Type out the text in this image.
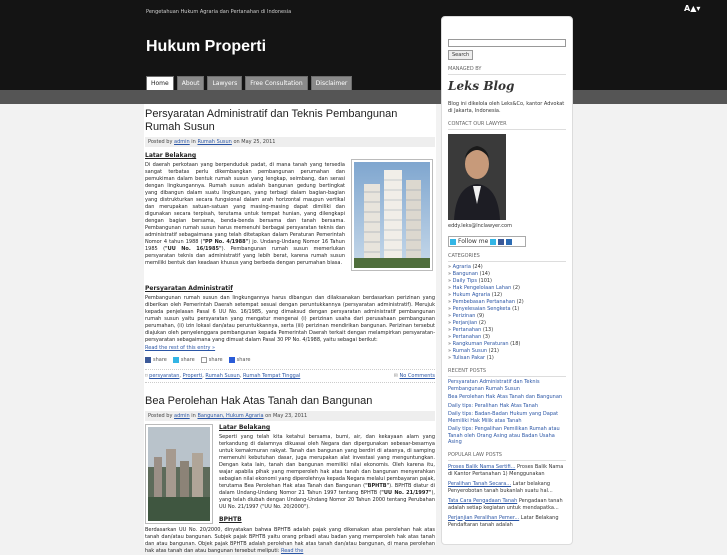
Pengetahuan Hukum Agraria dan Pertanahan di Indonesia	A▲▾
Hukum Properti
Home	About	Lawyers	Free Consultation	Disclaimer
Persyaratan Administratif dan Teknis Pembangunan Rumah Susun
Posted by admin in Rumah Susun on May 25, 2011
Latar Belakang
Di daerah perkotaan yang berpenduduk padat, di mana tanah yang tersedia sangat terbatas perlu dikembangkan pembangunan perumahan dan pemukiman dalam bentuk rumah susun yang lengkap, seimbang, dan serasi dengan lingkungannya. Rumah susun adalah bangunan gedung bertingkat yang dibangun dalam suatu lingkungan, yang terbagi dalam bagian-bagian yang distrukturkan secara fungsional dalam arah horizontal maupun vertikal dan merupakan satuan-satuan yang masing-masing dapat dimiliki dan digunakan secara terpisah, terutama untuk tempat hunian, yang dilengkapi dengan bagian bersama, benda-benda bersama dan tanah bersama. Pembangunan rumah susun harus memenuhi berbagai persyaratan teknis dan administratif sebagaimana yang telah ditetapkan dalam Peraturan Pemerintah Nomor 4 tahun 1988 ("PP No. 4/1988") jo. Undang-Undang Nomor 16 Tahun 1985 ("UU No. 16/1985"). Pembangunan rumah susun memerlukan persyaratan teknis dan administratif yang lebih berat, karena rumah susun memiliki bentuk dan keadaan khusus yang berbeda dengan perumahan biasa.
Persyaratan Administratif
Pembangunan rumah susun dan lingkungannya harus dibangun dan dilaksanakan berdasarkan perizinan yang diberikan oleh Pemerintah Daerah setempat sesuai dengan peruntukkannya (persyaratan administratif). Merujuk kepada penjelasan Pasal 6 UU No. 16/1985, yang dimaksud dengan persyaratan administratif pembangunan rumah susun yaitu persyaratan yang mengatur mengenai (i) perizinan usaha dari perusahaan pembangunan perumahan, (ii) izin lokasi dan/atau peruntukkannya, serta (iii) perizinan mendirikan bangunan. Perizinan tersebut diajukan oleh penyelenggara pembangunan kepada Pemerintah Daerah terkait dengan melampirkan persyaratan-persyaratan sebagaimana yang dimuat dalam Pasal 30 PP No. 4/1988, yaitu sebagai berikut:
Read the rest of this entry »
share	share	share	share
⌑ persyaratan, Properti, Rumah Susun, Rumah Tempat Tinggal	✉ No Comments
Bea Perolehan Hak Atas Tanah dan Bangunan
Posted by admin in Bangunan, Hukum Agraria on May 23, 2011
Latar Belakang
Seperti yang telah kita ketahui bersama, bumi, air, dan kekayaan alam yang terkandung di dalamnya dikuasai oleh Negara dan dipergunakan sebesar-besarnya untuk kemakmuran rakyat. Tanah dan bangunan yang berdiri di atasnya, di samping memenuhi kebutuhan dasar, juga merupakan alat investasi yang menguntungkan. Dengan kata lain, tanah dan bangunan memiliki nilai ekonomis. Oleh karena itu, wajar apabila pihak yang memperoleh hak atas tanah dan bangunan menyerahkan sebagian nilai ekonomi yang diperolehnya kepada Negara melalui pembayaran pajak, terutama Bea Perolehan Hak atas Tanah dan Bangunan ("BPHTB"). BPHTB diatur di dalam Undang-Undang Nomor 21 Tahun 1997 tentang BPHTB ("UU No. 21/1997"), yang telah diubah dengan Undang-Undang Nomor 20 Tahun 2000 tentang Perubahan UU No. 21/1997 ("UU No. 20/2000").
BPHTB
Berdasarkan UU No. 20/2000, dinyatakan bahwa BPHTB adalah pajak yang dikenakan atas perolehan hak atas tanah dan/atau bangunan. Subjek pajak BPHTB yaitu orang pribadi atau badan yang memperoleh hak atas tanah dan atau bangunan. Objek pajak BPHTB adalah perolehan hak atas tanah dan/atau bangunan, di mana perolehan hak atas tanah dan atau bangunan tersebut meliputi: Read the
Search
MANAGED BY
Leks Blog
Blog ini dikelola oleh Leks&Co, kantor Advokat di Jakarta, Indonesia.
CONTACT OUR LAWYER
eddy.leks@lnclawyer.com
Follow me
CATEGORIES
» Agraria (24)
» Bangunan (14)
» Daily Tips (101)
» Hak Pengelolaan Lahan (2)
» Hukum Agraria (12)
» Pembebasan Pertanahan (2)
» Penyelesaian Sengketa (1)
» Perizinan (9)
» Perjanjian (2)
» Pertanahan (13)
» Pertanahan (3)
» Rangkuman Peraturan (18)
» Rumah Susun (21)
» Tulisan Pakar (1)
RECENT POSTS
Persyaratan Administratif dan Teknis Pembangunan Rumah Susun
Bea Perolehan Hak Atas Tanah dan Bangunan
Daily tips: Peralihan Hak Atas Tanah
Daily tips: Badan-Badan Hukum yang Dapat Memiliki Hak Milik atas Tanah
Daily tips: Pengalihan Pemilikan Rumah atau Tanah oleh Orang Asing atau Badan Usaha Asing
POPULAR LAW POSTS
Proses Balik Nama Sertifi... Proses Balik Nama di Kantor Pertanahan 1) Menggunakan
Peralihan Tanah Secara... Latar belakang Penyerobotan tanah bukanlah suatu hal...
Tata Cara Pengadaan Tanah Pengadaan tanah adalah setiap kegiatan untuk mendapatka...
Perjanjian Peralihan Pemer... Latar Belakang Pendaftaran tanah adalah
